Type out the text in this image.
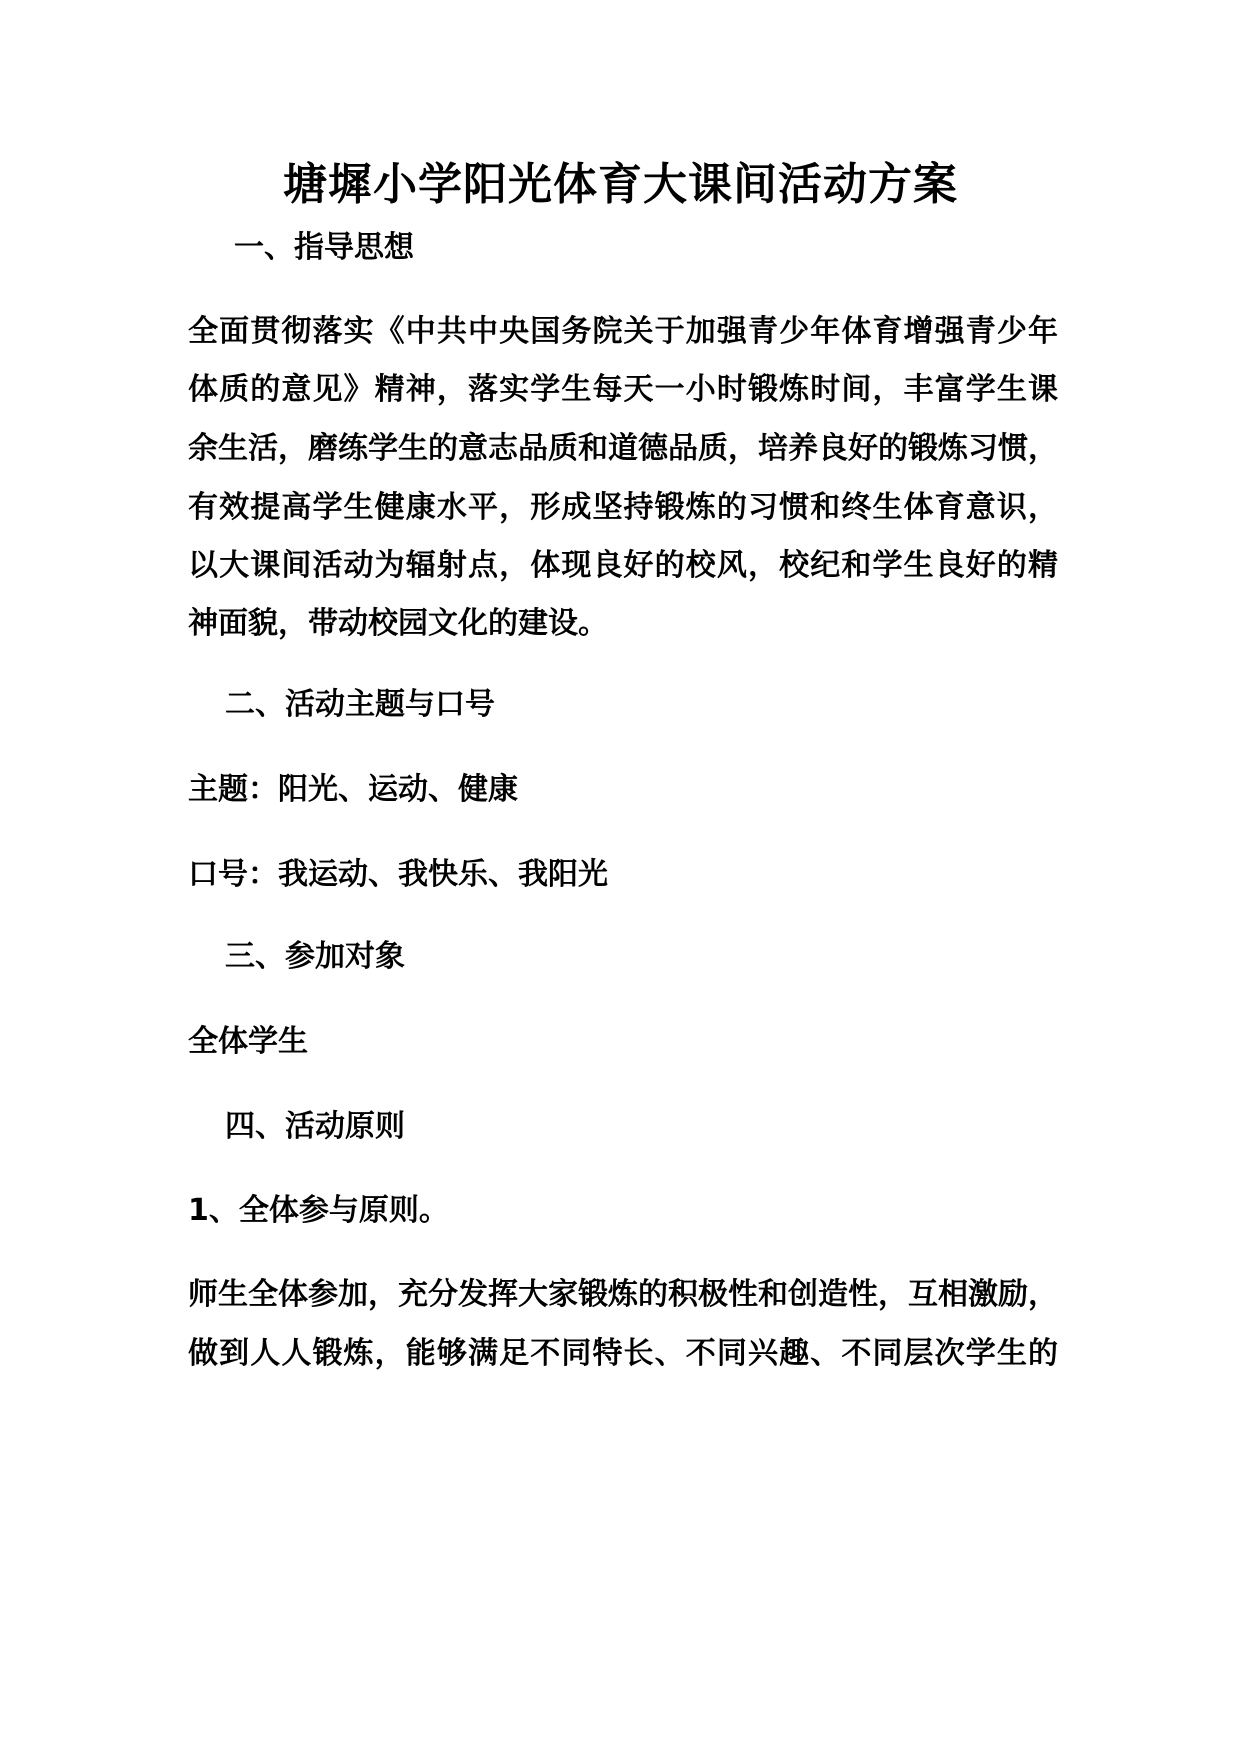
塘墀小学阳光体育大课间活动方案
一、指导思想
全面贯彻落实《中共中央国务院关于加强青少年体育增强青少年
体质的意见》精神，落实学生每天一小时锻炼时间，丰富学生课
余生活，磨练学生的意志品质和道德品质，培养良好的锻炼习惯，
有效提高学生健康水平，形成坚持锻炼的习惯和终生体育意识，
以大课间活动为辐射点，体现良好的校风，校纪和学生良好的精
神面貌，带动校园文化的建设。
二、活动主题与口号
主题：阳光、运动、健康
口号：我运动、我快乐、我阳光
三、参加对象
全体学生
四、活动原则
1、全体参与原则。
师生全体参加，充分发挥大家锻炼的积极性和创造性，互相激励，
做到人人锻炼，能够满足不同特长、不同兴趣、不同层次学生的
